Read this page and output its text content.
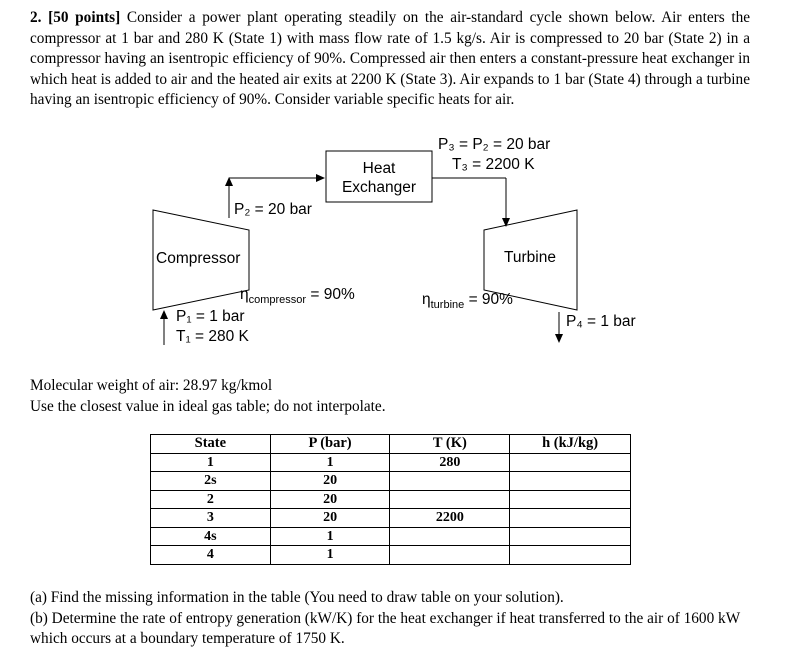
2. [50 points] Consider a power plant operating steadily on the air-standard cycle shown below. Air enters the compressor at 1 bar and 280 K (State 1) with mass flow rate of 1.5 kg/s. Air is compressed to 20 bar (State 2) in a compressor having an isentropic efficiency of 90%. Compressed air then enters a constant-pressure heat exchanger in which heat is added to air and the heated air exits at 2200 K (State 3). Air expands to 1 bar (State 4) through a turbine having an isentropic efficiency of 90%. Consider variable specific heats for air.
Heat
Exchanger
Compressor	Turbine
P₃ = P₂ = 20 bar
T₃ = 2200 K
P₂ = 20 bar
$\eta_{compressor} = 90\%$	$\eta_{turbine} = 90\%$
P₁ = 1 bar
T₁ = 280 K
P₄ = 1 bar
Molecular weight of air: 28.97 kg/kmol
Use the closest value in ideal gas table; do not interpolate.
State	P (bar)	T (K)	h (kJ/kg)
1	1	280	
2s	20		
2	20		
3	20	2200	
4s	1		
4	1		
(a) Find the missing information in the table (You need to draw table on your solution).
(b) Determine the rate of entropy generation (kW/K) for the heat exchanger if heat transferred to the air of 1600 kW which occurs at a boundary temperature of 1750 K.
